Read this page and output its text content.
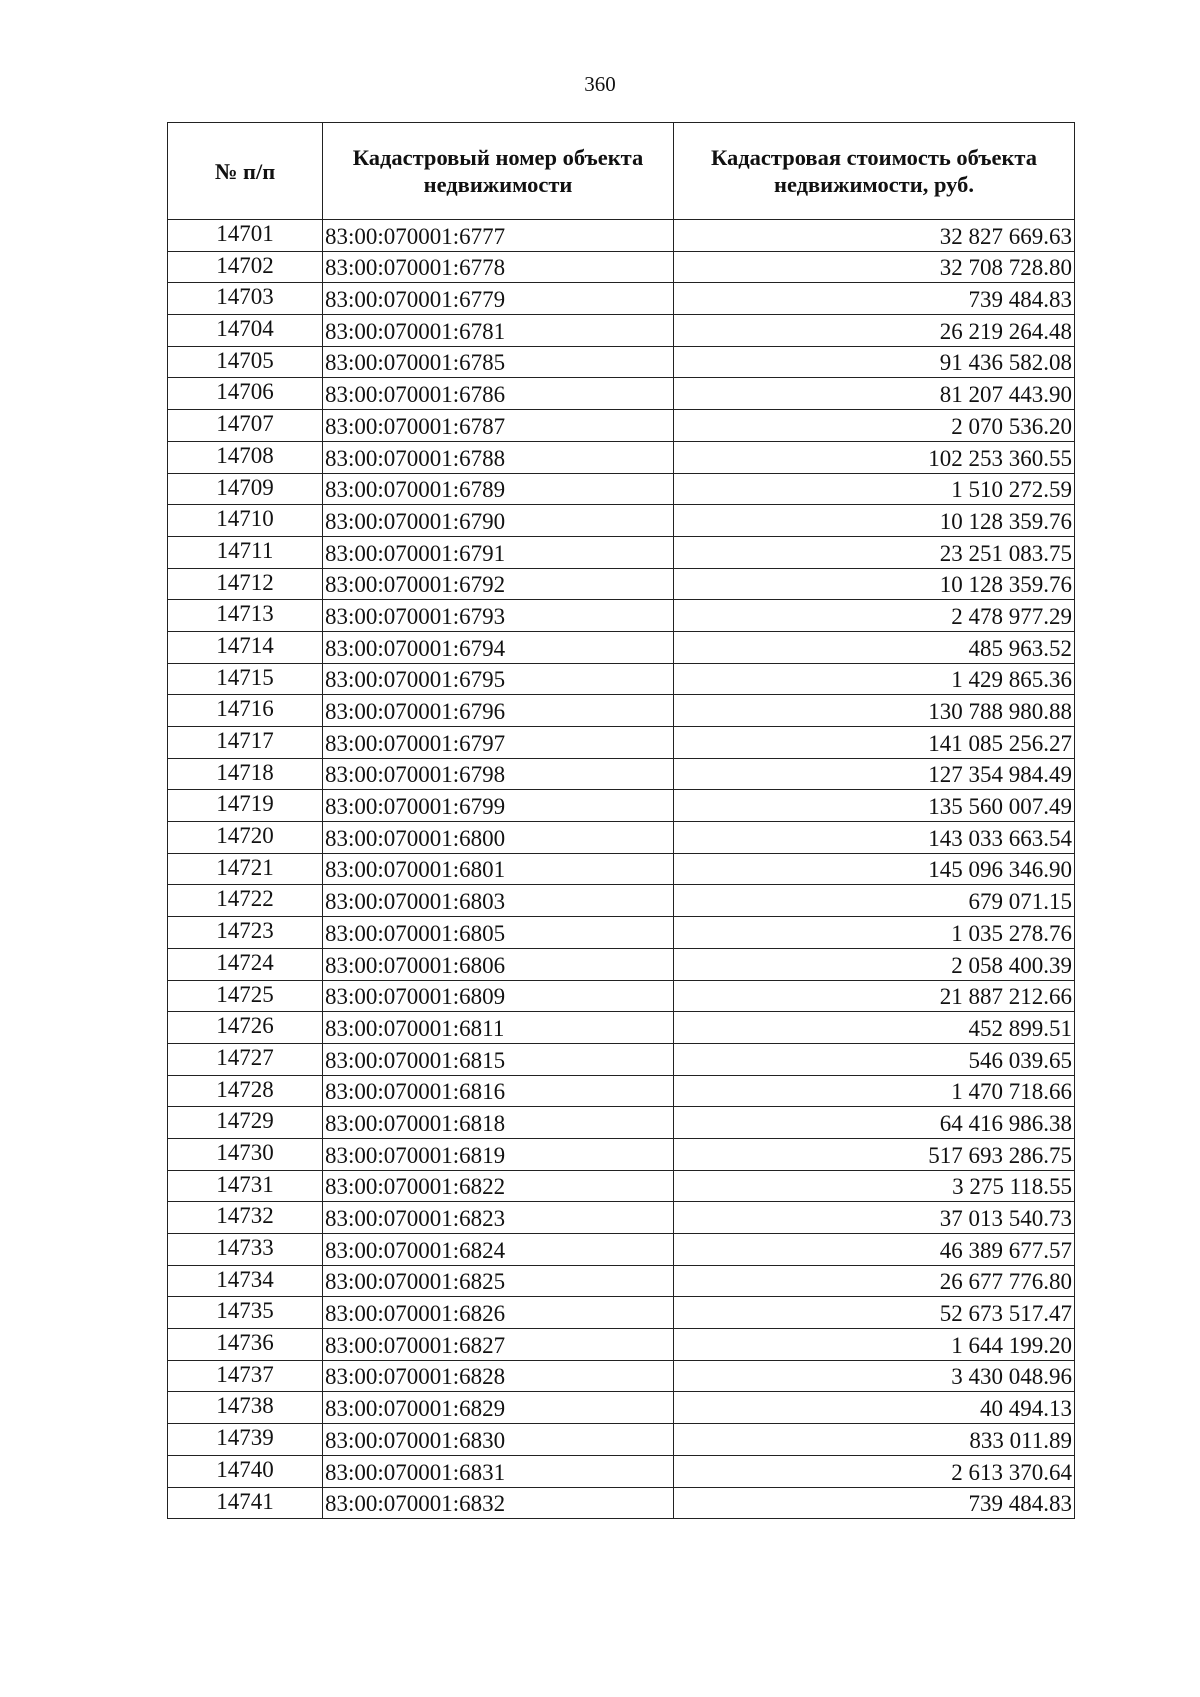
360
№ п/п	Кадастровый номер объекта недвижимости	Кадастровая стоимость объекта недвижимости, руб.
14701	83:00:070001:6777	32 827 669.63
14702	83:00:070001:6778	32 708 728.80
14703	83:00:070001:6779	739 484.83
14704	83:00:070001:6781	26 219 264.48
14705	83:00:070001:6785	91 436 582.08
14706	83:00:070001:6786	81 207 443.90
14707	83:00:070001:6787	2 070 536.20
14708	83:00:070001:6788	102 253 360.55
14709	83:00:070001:6789	1 510 272.59
14710	83:00:070001:6790	10 128 359.76
14711	83:00:070001:6791	23 251 083.75
14712	83:00:070001:6792	10 128 359.76
14713	83:00:070001:6793	2 478 977.29
14714	83:00:070001:6794	485 963.52
14715	83:00:070001:6795	1 429 865.36
14716	83:00:070001:6796	130 788 980.88
14717	83:00:070001:6797	141 085 256.27
14718	83:00:070001:6798	127 354 984.49
14719	83:00:070001:6799	135 560 007.49
14720	83:00:070001:6800	143 033 663.54
14721	83:00:070001:6801	145 096 346.90
14722	83:00:070001:6803	679 071.15
14723	83:00:070001:6805	1 035 278.76
14724	83:00:070001:6806	2 058 400.39
14725	83:00:070001:6809	21 887 212.66
14726	83:00:070001:6811	452 899.51
14727	83:00:070001:6815	546 039.65
14728	83:00:070001:6816	1 470 718.66
14729	83:00:070001:6818	64 416 986.38
14730	83:00:070001:6819	517 693 286.75
14731	83:00:070001:6822	3 275 118.55
14732	83:00:070001:6823	37 013 540.73
14733	83:00:070001:6824	46 389 677.57
14734	83:00:070001:6825	26 677 776.80
14735	83:00:070001:6826	52 673 517.47
14736	83:00:070001:6827	1 644 199.20
14737	83:00:070001:6828	3 430 048.96
14738	83:00:070001:6829	40 494.13
14739	83:00:070001:6830	833 011.89
14740	83:00:070001:6831	2 613 370.64
14741	83:00:070001:6832	739 484.83
